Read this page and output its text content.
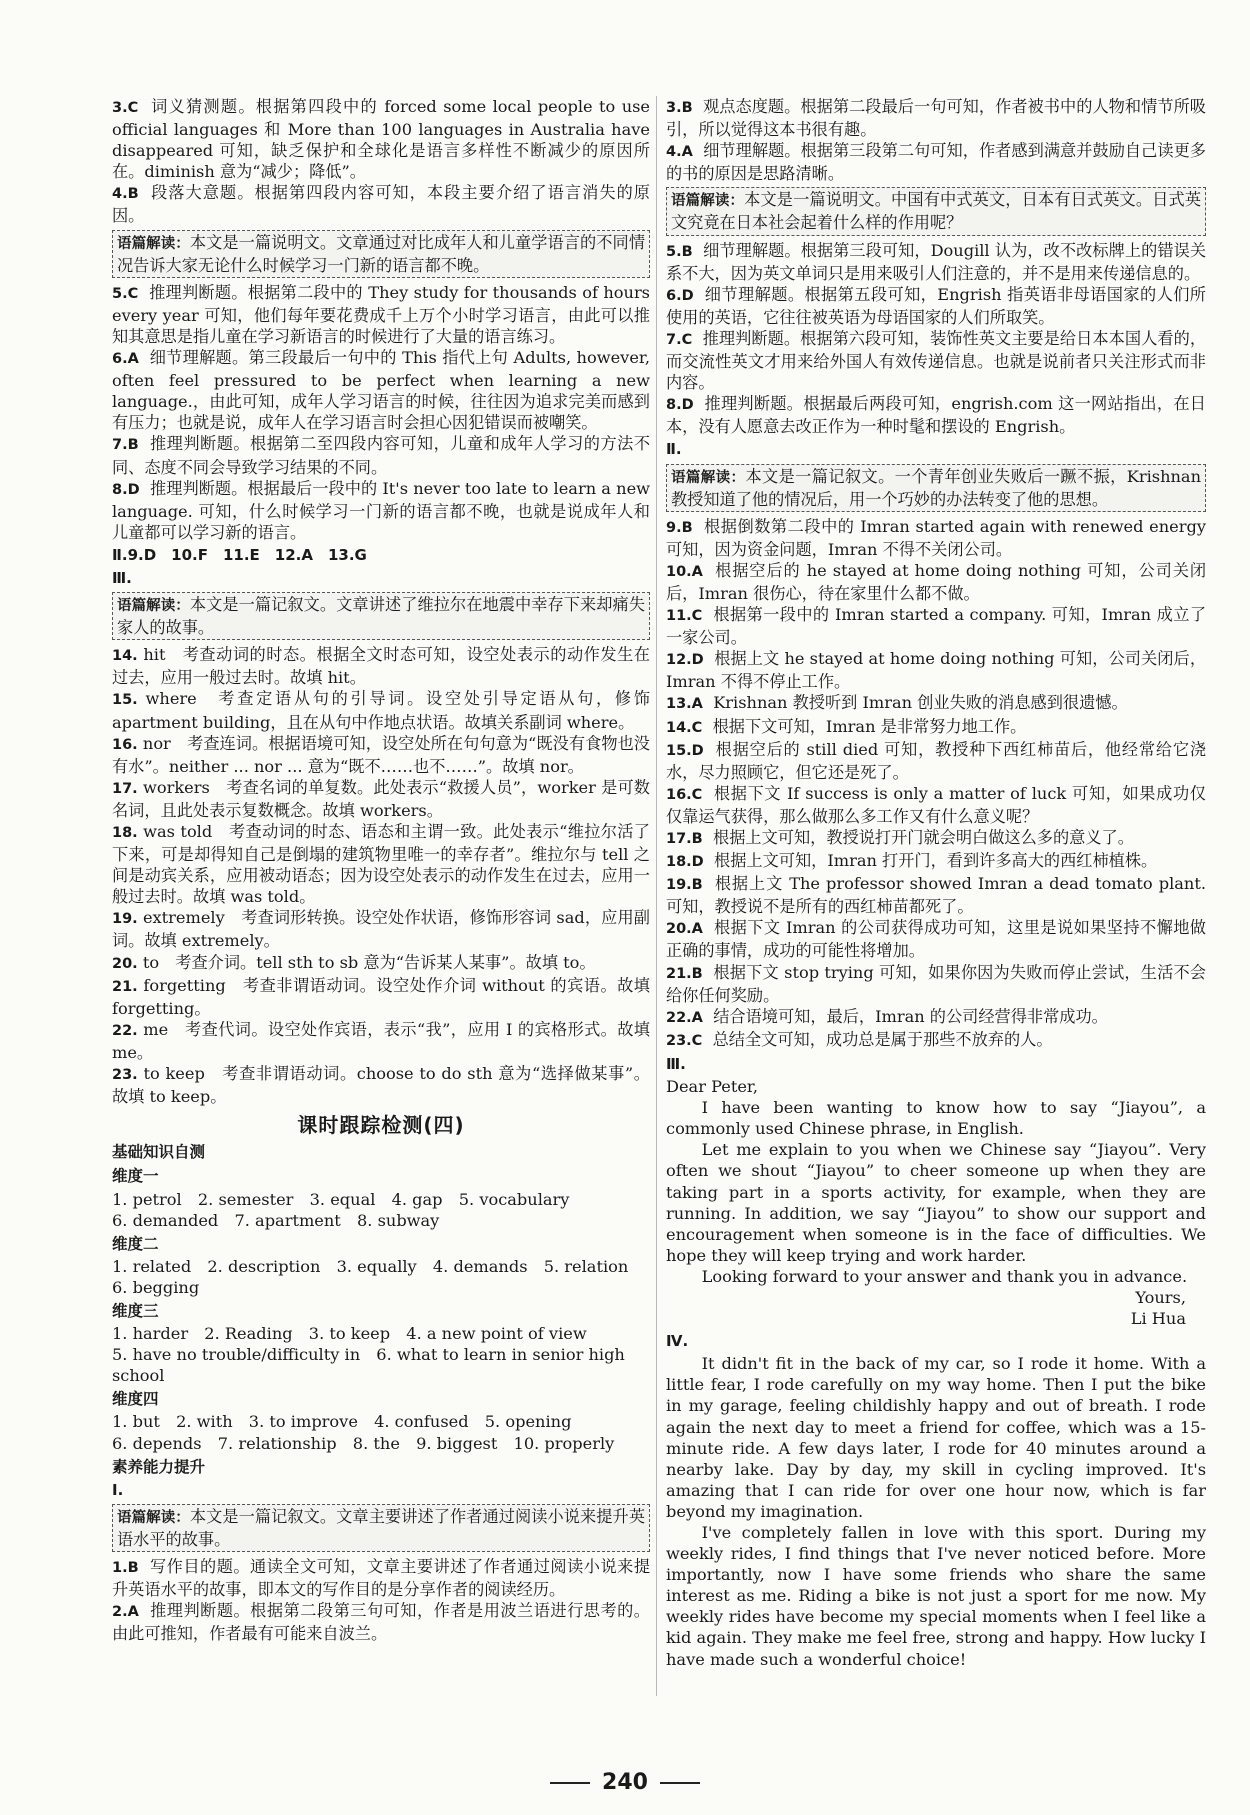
3.C 词义猜测题。根据第四段中的 forced some local people to use official languages 和 More than 100 languages in Australia have disappeared 可知，缺乏保护和全球化是语言多样性不断减少的原因所在。diminish 意为“减少；降低”。

4.B 段落大意题。根据第四段内容可知，本段主要介绍了语言消失的原因。

语篇解读：本文是一篇说明文。文章通过对比成年人和儿童学语言的不同情况告诉大家无论什么时候学习一门新的语言都不晚。

5.C 推理判断题。根据第二段中的 They study for thousands of hours every year 可知，他们每年要花费成千上万个小时学习语言，由此可以推知其意思是指儿童在学习新语言的时候进行了大量的语言练习。

6.A 细节理解题。第三段最后一句中的 This 指代上句 Adults, however, often feel pressured to be perfect when learning a new language.，由此可知，成年人学习语言的时候，往往因为追求完美而感到有压力；也就是说，成年人在学习语言时会担心因犯错误而被嘲笑。

7.B 推理判断题。根据第二至四段内容可知，儿童和成年人学习的方法不同、态度不同会导致学习结果的不同。

8.D 推理判断题。根据最后一段中的 It's never too late to learn a new language. 可知，什么时候学习一门新的语言都不晚，也就是说成年人和儿童都可以学习新的语言。

Ⅱ.9.D　10.F　11.E　12.A　13.G
Ⅲ.
语篇解读：本文是一篇记叙文。文章讲述了维拉尔在地震中幸存下来却痛失家人的故事。

14. hit　考查动词的时态。根据全文时态可知，设空处表示的动作发生在过去，应用一般过去时。故填 hit。

15. where　考查定语从句的引导词。设空处引导定语从句，修饰 apartment building，且在从句中作地点状语。故填关系副词 where。

16. nor　考查连词。根据语境可知，设空处所在句句意为“既没有食物也没有水”。neither ... nor ... 意为“既不……也不……”。故填 nor。

17. workers　考查名词的单复数。此处表示“救援人员”，worker 是可数名词，且此处表示复数概念。故填 workers。

18. was told　考查动词的时态、语态和主谓一致。此处表示“维拉尔活了下来，可是却得知自己是倒塌的建筑物里唯一的幸存者”。维拉尔与 tell 之间是动宾关系，应用被动语态；因为设空处表示的动作发生在过去，应用一般过去时。故填 was told。

19. extremely　考查词形转换。设空处作状语，修饰形容词 sad，应用副词。故填 extremely。

20. to　考查介词。tell sth to sb 意为“告诉某人某事”。故填 to。

21. forgetting　考查非谓语动词。设空处作介词 without 的宾语。故填 forgetting。

22. me　考查代词。设空处作宾语，表示“我”，应用 I 的宾格形式。故填 me。

23. to keep　考查非谓语动词。choose to do sth 意为“选择做某事”。故填 to keep。

课时跟踪检测(四)
基础知识自测
维度一
1. petrol　2. semester　3. equal　4. gap　5. vocabulary
6. demanded　7. apartment　8. subway
维度二
1. related　2. description　3. equally　4. demands　5. relation
6. begging
维度三
1. harder　2. Reading　3. to keep　4. a new point of view
5. have no trouble/difficulty in　6. what to learn in senior high school
维度四
1. but　2. with　3. to improve　4. confused　5. opening
6. depends　7. relationship　8. the　9. biggest　10. properly
素养能力提升
Ⅰ.
语篇解读：本文是一篇记叙文。文章主要讲述了作者通过阅读小说来提升英语水平的故事。

1.B 写作目的题。通读全文可知，文章主要讲述了作者通过阅读小说来提升英语水平的故事，即本文的写作目的是分享作者的阅读经历。

2.A 推理判断题。根据第二段第三句可知，作者是用波兰语进行思考的。由此可推知，作者最有可能来自波兰。

3.B 观点态度题。根据第二段最后一句可知，作者被书中的人物和情节所吸引，所以觉得这本书很有趣。

4.A 细节理解题。根据第三段第二句可知，作者感到满意并鼓励自己读更多的书的原因是思路清晰。

语篇解读：本文是一篇说明文。中国有中式英文，日本有日式英文。日式英文究竟在日本社会起着什么样的作用呢？

5.B 细节理解题。根据第三段可知，Dougill 认为，改不改标牌上的错误关系不大，因为英文单词只是用来吸引人们注意的，并不是用来传递信息的。

6.D 细节理解题。根据第五段可知，Engrish 指英语非母语国家的人们所使用的英语，它往往被英语为母语国家的人们所取笑。

7.C 推理判断题。根据第六段可知，装饰性英文主要是给日本本国人看的，而交流性英文才用来给外国人有效传递信息。也就是说前者只关注形式而非内容。

8.D 推理判断题。根据最后两段可知，engrish.com 这一网站指出，在日本，没有人愿意去改正作为一种时髦和摆设的 Engrish。

Ⅱ.
语篇解读：本文是一篇记叙文。一个青年创业失败后一蹶不振，Krishnan 教授知道了他的情况后，用一个巧妙的办法转变了他的思想。

9.B 根据倒数第二段中的 Imran started again with renewed energy 可知，因为资金问题，Imran 不得不关闭公司。

10.A 根据空后的 he stayed at home doing nothing 可知，公司关闭后，Imran 很伤心，待在家里什么都不做。

11.C 根据第一段中的 Imran started a company. 可知，Imran 成立了一家公司。

12.D 根据上文 he stayed at home doing nothing 可知，公司关闭后，Imran 不得不停止工作。

13.A Krishnan 教授听到 Imran 创业失败的消息感到很遗憾。

14.C 根据下文可知，Imran 是非常努力地工作。

15.D 根据空后的 still died 可知，教授种下西红柿苗后，他经常给它浇水，尽力照顾它，但它还是死了。

16.C 根据下文 If success is only a matter of luck 可知，如果成功仅仅靠运气获得，那么做那么多工作又有什么意义呢？

17.B 根据上文可知，教授说打开门就会明白做这么多的意义了。

18.D 根据上文可知，Imran 打开门，看到许多高大的西红柿植株。

19.B 根据上文 The professor showed Imran a dead tomato plant. 可知，教授说不是所有的西红柿苗都死了。

20.A 根据下文 Imran 的公司获得成功可知，这里是说如果坚持不懈地做正确的事情，成功的可能性将增加。

21.B 根据下文 stop trying 可知，如果你因为失败而停止尝试，生活不会给你任何奖励。

22.A 结合语境可知，最后，Imran 的公司经营得非常成功。

23.C 总结全文可知，成功总是属于那些不放弃的人。

Ⅲ.

Dear Peter,

I have been wanting to know how to say “Jiayou”, a commonly used Chinese phrase, in English.

Let me explain to you when we Chinese say “Jiayou”. Very often we shout “Jiayou” to cheer someone up when they are taking part in a sports activity, for example, when they are running. In addition, we say “Jiayou” to show our support and encouragement when someone is in the face of difficulties. We hope they will keep trying and work harder.

Looking forward to your answer and thank you in advance.

Yours,

Li Hua

Ⅳ.

It didn't fit in the back of my car, so I rode it home. With a little fear, I rode carefully on my way home. Then I put the bike in my garage, feeling childishly happy and out of breath. I rode again the next day to meet a friend for coffee, which was a 15-minute ride. A few days later, I rode for 40 minutes around a nearby lake. Day by day, my skill in cycling improved. It's amazing that I can ride for over one hour now, which is far beyond my imagination.

I've completely fallen in love with this sport. During my weekly rides, I find things that I've never noticed before. More importantly, now I have some friends who share the same interest as me. Riding a bike is not just a sport for me now. My weekly rides have become my special moments when I feel like a kid again. They make me feel free, strong and happy. How lucky I have made such a wonderful choice!

240
